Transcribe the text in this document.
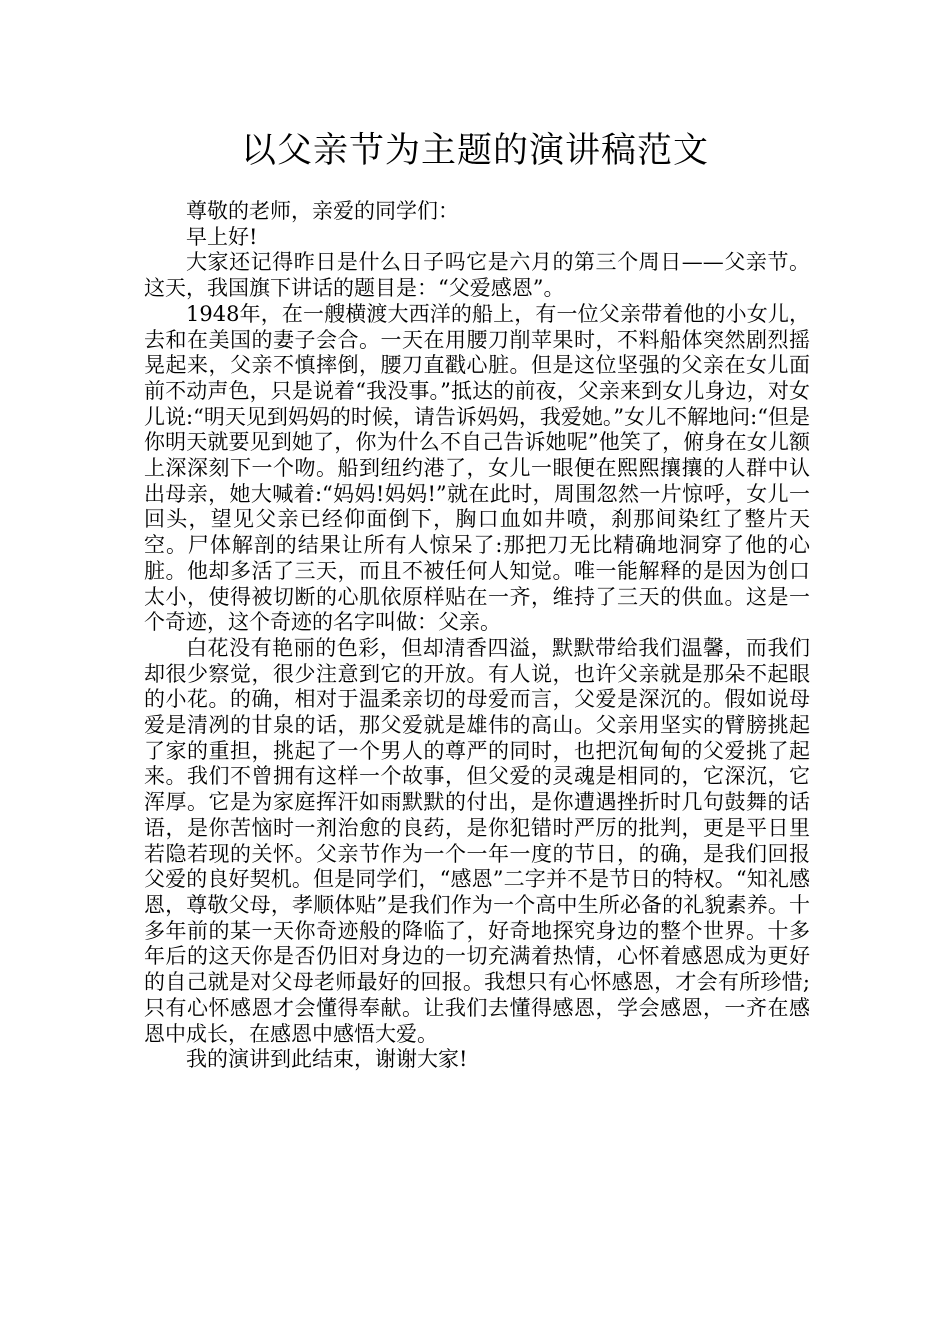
以父亲节为主题的演讲稿范文

尊敬的老师，亲爱的同学们：

早上好!

大家还记得昨日是什么日子吗它是六月的第三个周日——父亲节。这天，我国旗下讲话的题目是：“父爱感恩”。

1948年，在一艘横渡大西洋的船上，有一位父亲带着他的小女儿，去和在美国的妻子会合。一天在用腰刀削苹果时，不料船体突然剧烈摇晃起来，父亲不慎摔倒，腰刀直戳心脏。但是这位坚强的父亲在女儿面前不动声色，只是说着“我没事。”抵达的前夜，父亲来到女儿身边，对女儿说:“明天见到妈妈的时候，请告诉妈妈，我爱她。”女儿不解地问:“但是你明天就要见到她了，你为什么不自己告诉她呢”他笑了，俯身在女儿额上深深刻下一个吻。船到纽约港了，女儿一眼便在熙熙攘攘的人群中认出母亲，她大喊着:“妈妈!妈妈!”就在此时，周围忽然一片惊呼，女儿一回头，望见父亲已经仰面倒下，胸口血如井喷，刹那间染红了整片天空。尸体解剖的结果让所有人惊呆了:那把刀无比精确地洞穿了他的心脏。他却多活了三天，而且不被任何人知觉。唯一能解释的是因为创口太小，使得被切断的心肌依原样贴在一齐，维持了三天的供血。这是一个奇迹，这个奇迹的名字叫做：父亲。

白花没有艳丽的色彩，但却清香四溢，默默带给我们温馨，而我们却很少察觉，很少注意到它的开放。有人说，也许父亲就是那朵不起眼的小花。的确，相对于温柔亲切的母爱而言，父爱是深沉的。假如说母爱是清冽的甘泉的话，那父爱就是雄伟的高山。父亲用坚实的臂膀挑起了家的重担，挑起了一个男人的尊严的同时，也把沉甸甸的父爱挑了起来。我们不曾拥有这样一个故事，但父爱的灵魂是相同的，它深沉，它浑厚。它是为家庭挥汗如雨默默的付出，是你遭遇挫折时几句鼓舞的话语，是你苦恼时一剂治愈的良药，是你犯错时严厉的批判，更是平日里若隐若现的关怀。父亲节作为一个一年一度的节日，的确，是我们回报父爱的良好契机。但是同学们，“感恩”二字并不是节日的特权。“知礼感恩，尊敬父母，孝顺体贴”是我们作为一个高中生所必备的礼貌素养。十多年前的某一天你奇迹般的降临了，好奇地探究身边的整个世界。十多年后的这天你是否仍旧对身边的一切充满着热情，心怀着感恩成为更好的自己就是对父母老师最好的回报。我想只有心怀感恩，才会有所珍惜;只有心怀感恩才会懂得奉献。让我们去懂得感恩，学会感恩，一齐在感恩中成长，在感恩中感悟大爱。

我的演讲到此结束，谢谢大家!
